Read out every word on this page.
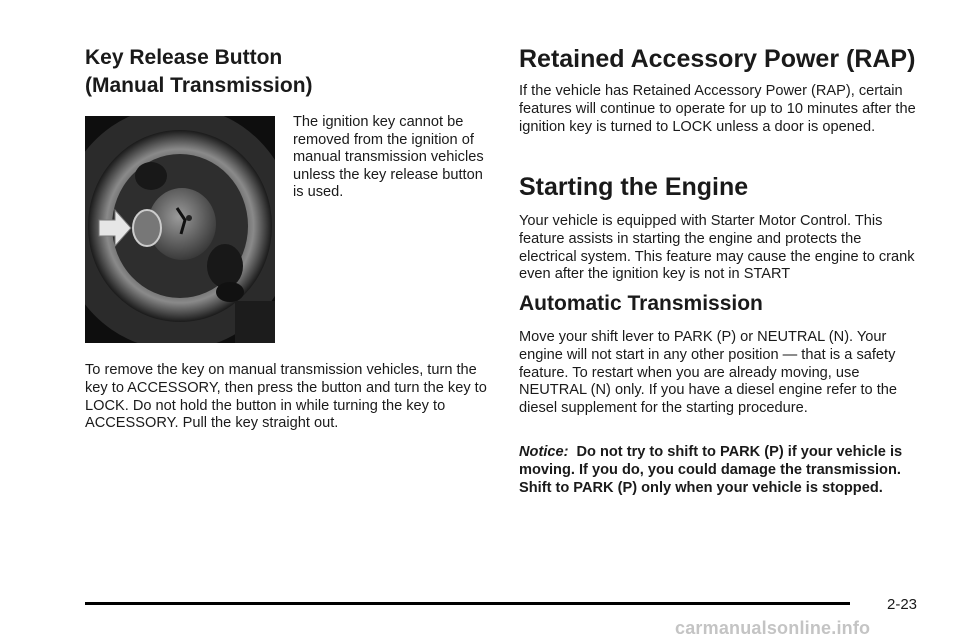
Key Release Button
(Manual Transmission)

The ignition key cannot be removed from the ignition of manual transmission vehicles unless the key release button is used.

To remove the key on manual transmission vehicles, turn the key to ACCESSORY, then press the button and turn the key to LOCK. Do not hold the button in while turning the key to ACCESSORY. Pull the key straight out.

Retained Accessory Power (RAP)

If the vehicle has Retained Accessory Power (RAP), certain features will continue to operate for up to 10 minutes after the ignition key is turned to LOCK unless a door is opened.

Starting the Engine

Your vehicle is equipped with Starter Motor Control. This feature assists in starting the engine and protects the electrical system. This feature may cause the engine to crank even after the ignition key is not in START

Automatic Transmission

Move your shift lever to PARK (P) or NEUTRAL (N). Your engine will not start in any other position — that is a safety feature. To restart when you are already moving, use NEUTRAL (N) only. If you have a diesel engine refer to the diesel supplement for the starting procedure.

Notice: Do not try to shift to PARK (P) if your vehicle is moving. If you do, you could damage the transmission. Shift to PARK (P) only when your vehicle is stopped.

2-23
carmanualsonline.info
